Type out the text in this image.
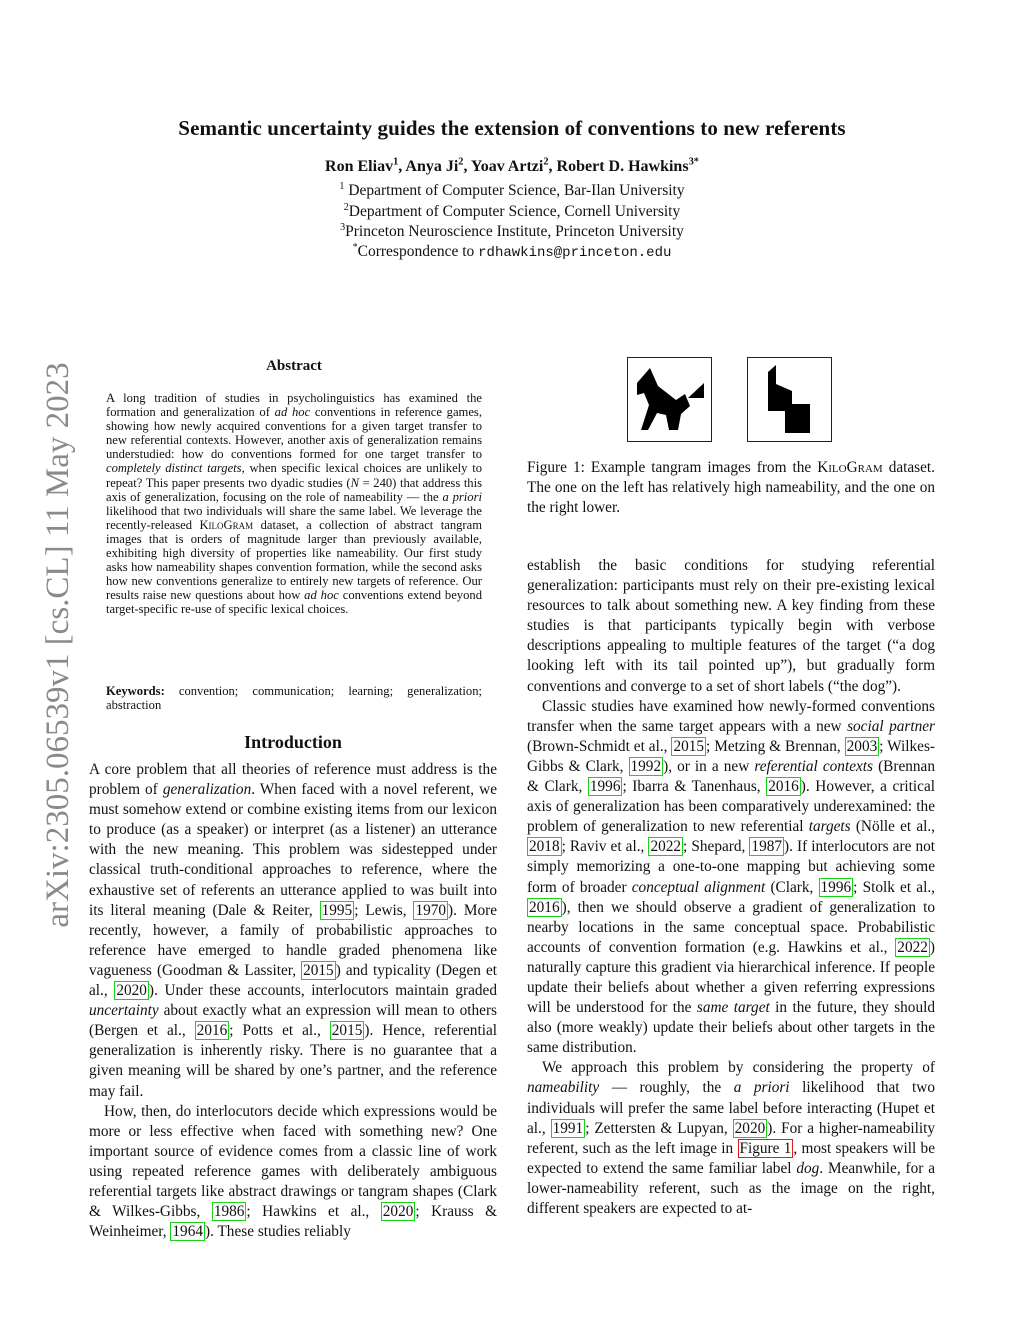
Semantic uncertainty guides the extension of conventions to new referents
Ron Eliav$^1$, Anya Ji$^2$, Yoav Artzi$^2$, Robert D. Hawkins$^{3*}$
$^1$ Department of Computer Science, Bar-Ilan University
$^2$Department of Computer Science, Cornell University
$^3$Princeton Neuroscience Institute, Princeton University
*Correspondence to rdhawkins@princeton.edu
arXiv:2305.06539v1 [cs.CL] 11 May 2023	Abstract
A long tradition of studies in psycholinguistics has examined the formation and generalization of ad hoc conventions in reference games, showing how newly acquired conventions for a given target transfer to new referential contexts. However, another axis of generalization remains understudied: how do conventions formed for one target transfer to completely distinct targets, when specific lexical choices are unlikely to repeat? This paper presents two dyadic studies (N = 240) that address this axis of generalization, focusing on the role of nameability — the a priori likelihood that two individuals will share the same label. We leverage the recently-released KiloGram dataset, a collection of abstract tangram images that is orders of magnitude larger than previously available, exhibiting high diversity of properties like nameability. Our first study asks how nameability shapes convention formation, while the second asks how new conventions generalize to entirely new targets of reference. Our results raise new questions about how ad hoc conventions extend beyond target-specific re-use of specific lexical choices.
Keywords: convention; communication; learning; generalization; abstraction
Introduction

A core problem that all theories of reference must address is the problem of generalization. When faced with a novel referent, we must somehow extend or combine existing items from our lexicon to produce (as a speaker) or interpret (as a listener) an utterance with the new meaning. This problem was sidestepped under classical truth-conditional approaches to reference, where the exhaustive set of referents an utterance applied to was built into its literal meaning (Dale & Reiter, 1995 ; Lewis, 1970 ). More recently, however, a family of probabilistic approaches to reference have emerged to handle graded phenomena like vagueness (Goodman & Lassiter, 2015 ) and typicality (Degen et al., 2020 ). Under these accounts, interlocutors maintain graded uncertainty about exactly what an expression will mean to others (Bergen et al., 2016 ; Potts et al., 2015 ). Hence, referential generalization is inherently risky. There is no guarantee that a given meaning will be shared by one’s partner, and the reference may fail.

How, then, do interlocutors decide which expressions would be more or less effective when faced with something new? One important source of evidence comes from a classic line of work using repeated reference games with deliberately ambiguous referential targets like abstract drawings or tangram shapes (Clark & Wilkes-Gibbs, 1986 ; Hawkins et al., 2020 ; Krauss & Weinheimer, 1964 ). These studies reliably

Figure 1: Example tangram images from the KiloGram dataset. The one on the left has relatively high nameability, and the one on the right lower.

establish the basic conditions for studying referential generalization: participants must rely on their pre-existing lexical resources to talk about something new. A key finding from these studies is that participants typically begin with verbose descriptions appealing to multiple features of the target (“a dog looking left with its tail pointed up”), but gradually form conventions and converge to a set of short labels (“the dog”).

Classic studies have examined how newly-formed conventions transfer when the same target appears with a new social partner (Brown-Schmidt et al., 2015 ; Metzing & Brennan, 2003 ; Wilkes-Gibbs & Clark, 1992 ), or in a new referential contexts (Brennan & Clark, 1996 ; Ibarra & Tanenhaus, 2016 ). However, a critical axis of generalization has been comparatively underexamined: the problem of generalization to new referential targets (Nölle et al., 2018 ; Raviv et al., 2022 ; Shepard, 1987 ). If interlocutors are not simply memorizing a one-to-one mapping but achieving some form of broader conceptual alignment (Clark, 1996 ; Stolk et al., 2016 ), then we should observe a gradient of generalization to nearby locations in the same conceptual space. Probabilistic accounts of convention formation (e.g. Hawkins et al., 2022 ) naturally capture this gradient via hierarchical inference. If people update their beliefs about whether a given referring expressions will be understood for the same target in the future, they should also (more weakly) update their beliefs about other targets in the same distribution.

We approach this problem by considering the property of nameability — roughly, the a priori likelihood that two individuals will prefer the same label before interacting (Hupet et al., 1991 ; Zettersten & Lupyan, 2020 ). For a higher-nameability referent, such as the left image in Figure 1 , most speakers will be expected to extend the same familiar label dog. Meanwhile, for a lower-nameability referent, such as the image on the right, different speakers are expected to at-
